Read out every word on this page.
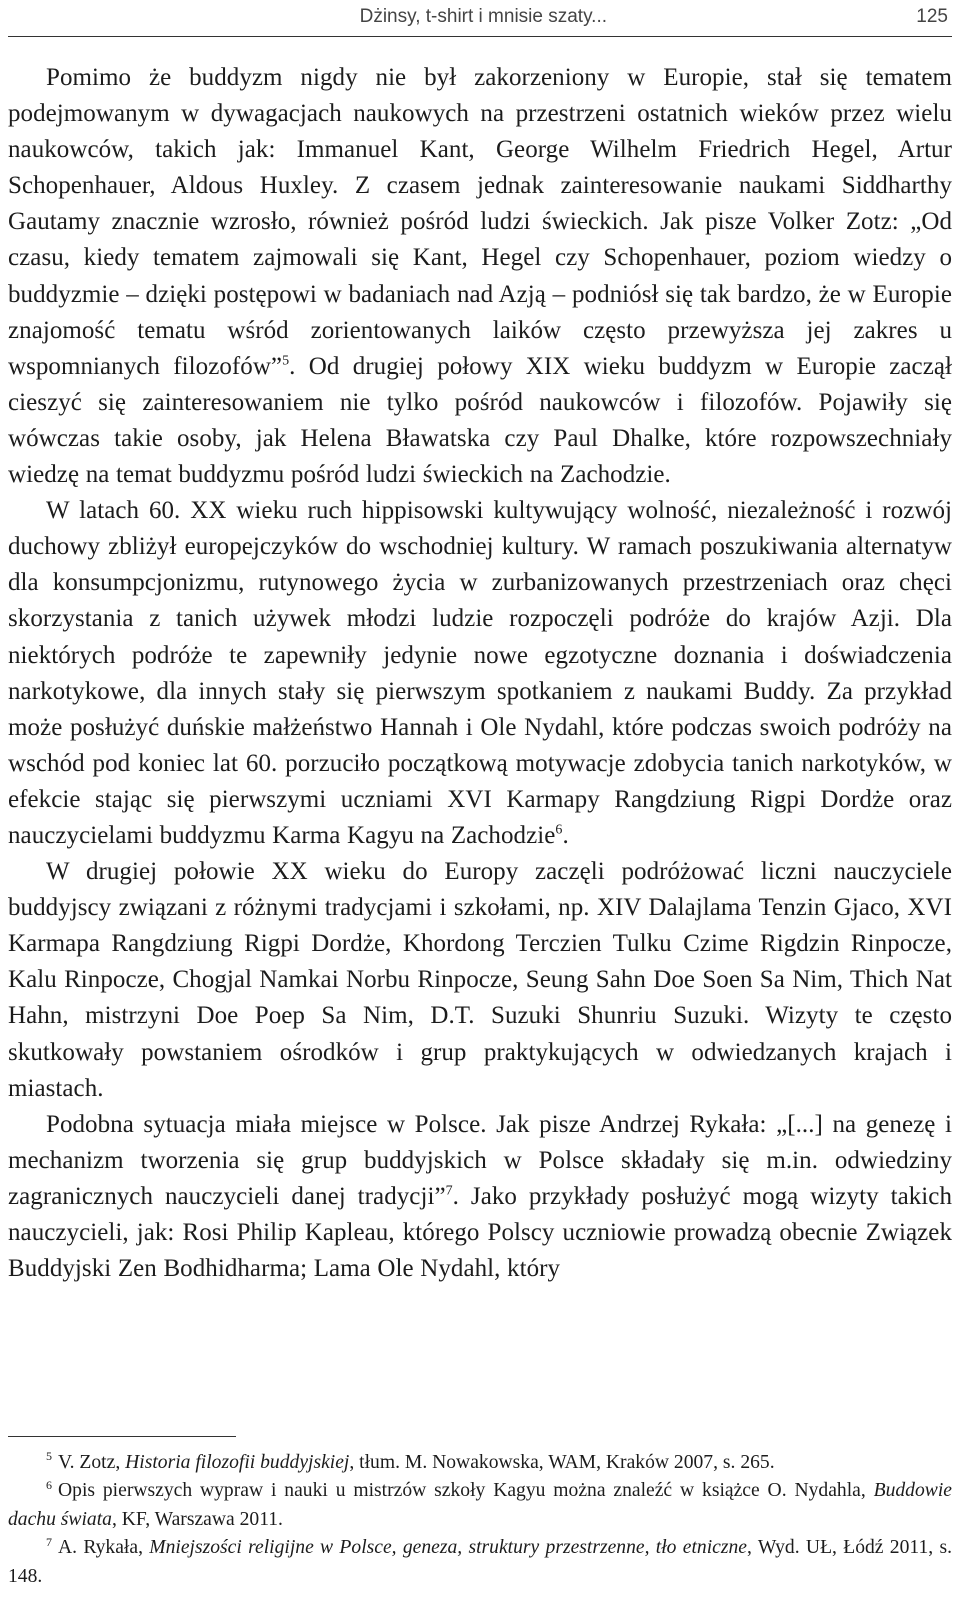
Dżinsy, t-shirt i mnisie szaty...	125

Pomimo że buddyzm nigdy nie był zakorzeniony w Europie, stał się tematem podejmowanym w dywagacjach naukowych na przestrzeni ostatnich wieków przez wielu naukowców, takich jak: Immanuel Kant, George Wilhelm Friedrich Hegel, Artur Schopenhauer, Aldous Huxley. Z czasem jednak zainteresowanie naukami Siddharthy Gautamy znacznie wzrosło, również pośród ludzi świeckich. Jak pisze Volker Zotz: „Od czasu, kiedy tematem zajmowali się Kant, Hegel czy Schopenhauer, poziom wiedzy o buddyzmie – dzięki postępowi w badaniach nad Azją – podniósł się tak bardzo, że w Europie znajomość tematu wśród zorientowanych laików często przewyższa jej zakres u wspomnianych filozofów”$^5$. Od drugiej połowy XIX wieku buddyzm w Europie zaczął cieszyć się zainteresowaniem nie tylko pośród naukowców i filozofów. Pojawiły się wówczas takie osoby, jak Helena Bławatska czy Paul Dhalke, które rozpowszechniały wiedzę na temat buddyzmu pośród ludzi świeckich na Zachodzie.

W latach 60. XX wieku ruch hippisowski kultywujący wolność, niezależność i rozwój duchowy zbliżył europejczyków do wschodniej kultury. W ramach poszukiwania alternatyw dla konsumpcjonizmu, rutynowego życia w zurbanizowanych przestrzeniach oraz chęci skorzystania z tanich używek młodzi ludzie rozpoczęli podróże do krajów Azji. Dla niektórych podróże te zapewniły jedynie nowe egzotyczne doznania i doświadczenia narkotykowe, dla innych stały się pierwszym spotkaniem z naukami Buddy. Za przykład może posłużyć duńskie małżeństwo Hannah i Ole Nydahl, które podczas swoich podróży na wschód pod koniec lat 60. porzuciło początkową motywacje zdobycia tanich narkotyków, w efekcie stając się pierwszymi uczniami XVI Karmapy Rangdziung Rigpi Dordże oraz nauczycielami buddyzmu Karma Kagyu na Zachodzie$^6$.

W drugiej połowie XX wieku do Europy zaczęli podróżować liczni nauczyciele buddyjscy związani z różnymi tradycjami i szkołami, np. XIV Dalajlama Tenzin Gjaco, XVI Karmapa Rangdziung Rigpi Dordże, Khordong Terczien Tulku Czime Rigdzin Rinpocze, Kalu Rinpocze, Chogjal Namkai Norbu Rinpocze, Seung Sahn Doe Soen Sa Nim, Thich Nat Hahn, mistrzyni Doe Poep Sa Nim, D.T. Suzuki Shunriu Suzuki. Wizyty te często skutkowały powstaniem ośrodków i grup praktykujących w odwiedzanych krajach i miastach.

Podobna sytuacja miała miejsce w Polsce. Jak pisze Andrzej Rykała: „[...] na genezę i mechanizm tworzenia się grup buddyjskich w Polsce składały się m.in. odwiedziny zagranicznych nauczycieli danej tradycji”$^7$. Jako przykłady posłużyć mogą wizyty takich nauczycieli, jak: Rosi Philip Kapleau, którego Polscy uczniowie prowadzą obecnie Związek Buddyjski Zen Bodhidharma; Lama Ole Nydahl, który

$^5$ V. Zotz, Historia filozofii buddyjskiej, tłum. M. Nowakowska, WAM, Kraków 2007, s. 265.

$^6$ Opis pierwszych wypraw i nauki u mistrzów szkoły Kagyu można znaleźć w książce O. Nydahla, Buddowie dachu świata, KF, Warszawa 2011.

$^7$ A. Rykała, Mniejszości religijne w Polsce, geneza, struktury przestrzenne, tło etniczne, Wyd. UŁ, Łódź 2011, s. 148.
